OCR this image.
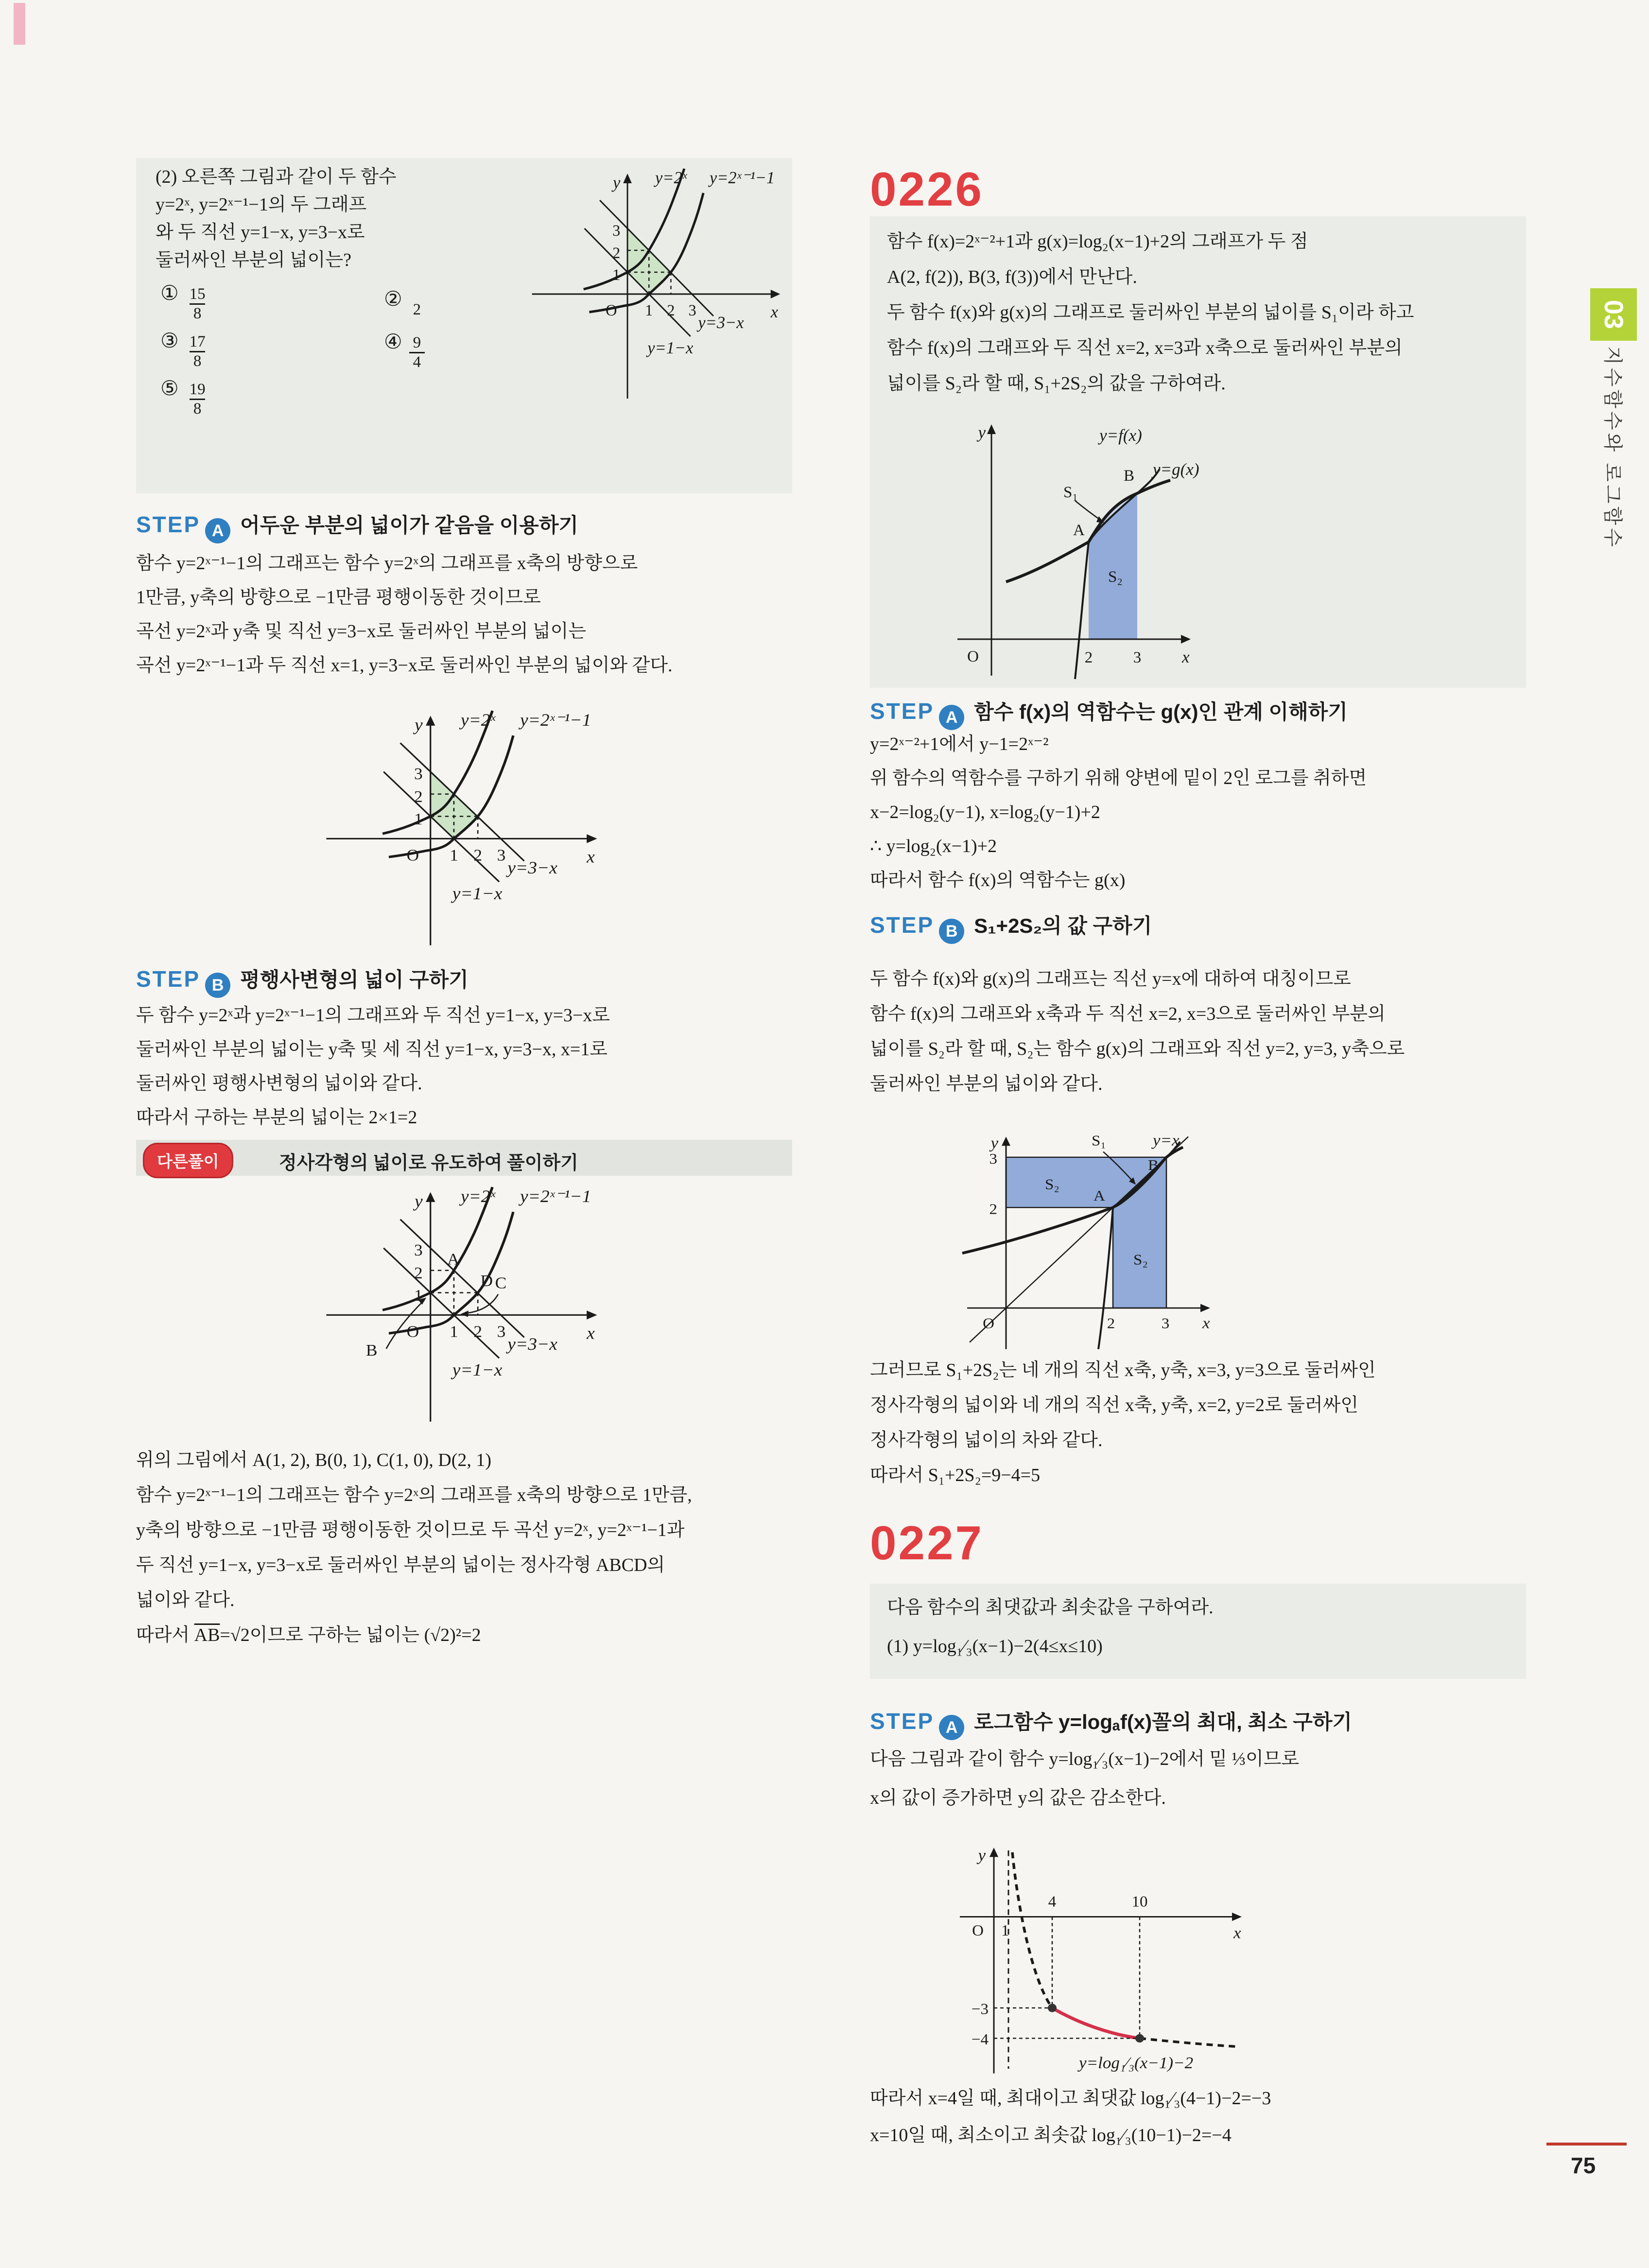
(2) 오른쪽 그림과 같이 두 함수
y=2ˣ, y=2ˣ⁻¹−1의 두 그래프
와 두 직선 y=1−x, y=3−x로
둘러싸인 부분의 넓이는?
① $\frac{15}{8}$	② 2
③ $\frac{17}{8}$	④ $\frac{9}{4}$
⑤ $\frac{19}{8}$
y
x
O
3
2
1
1 2 3
y=2ˣ y=2ˣ⁻¹−1
y=3−x
y=1−x
STEP A 어두운 부분의 넓이가 같음을 이용하기
함수 y=2ˣ⁻¹−1의 그래프는 함수 y=2ˣ의 그래프를 x축의 방향으로
1만큼, y축의 방향으로 −1만큼 평행이동한 것이므로
곡선 y=2ˣ과 y축 및 직선 y=3−x로 둘러싸인 부분의 넓이는
곡선 y=2ˣ⁻¹−1과 두 직선 x=1, y=3−x로 둘러싸인 부분의 넓이와 같다.
y
x
O
3
2
1
1 2 3
y=2ˣ y=2ˣ⁻¹−1
y=3−x
y=1−x
STEP B 평행사변형의 넓이 구하기
두 함수 y=2ˣ과 y=2ˣ⁻¹−1의 그래프와 두 직선 y=1−x, y=3−x로
둘러싸인 부분의 넓이는 y축 및 세 직선 y=1−x, y=3−x, x=1로
둘러싸인 평행사변형의 넓이와 같다.
따라서 구하는 부분의 넓이는 2×1=2
다른풀이	정사각형의 넓이로 유도하여 풀이하기
y
x
O
3
2
1
1 2 3
y=2ˣ y=2ˣ⁻¹−1
y=3−x
y=1−x
A
B
C
D
위의 그림에서 A(1, 2), B(0, 1), C(1, 0), D(2, 1)
함수 y=2ˣ⁻¹−1의 그래프는 함수 y=2ˣ의 그래프를 x축의 방향으로 1만큼,
y축의 방향으로 −1만큼 평행이동한 것이므로 두 곡선 y=2ˣ, y=2ˣ⁻¹−1과
두 직선 y=1−x, y=3−x로 둘러싸인 부분의 넓이는 정사각형 ABCD의
넓이와 같다.
따라서 $\overline{AB}=√2$이므로 구하는 넓이는 (√2)²=2
0226
함수 f(x)=2ˣ⁻²+1과 g(x)=log₂(x−1)+2의 그래프가 두 점
A(2, f(2)), B(3, f(3))에서 만난다.
두 함수 f(x)와 g(x)의 그래프로 둘러싸인 부분의 넓이를 S₁이라 하고
함수 f(x)의 그래프와 두 직선 x=2, x=3과 x축으로 둘러싸인 부분의
넓이를 S₂라 할 때, S₁+2S₂의 값을 구하여라.
y
x
O	2	3
y=f(x)
y=g(x)
S₁
S₂
A
B
STEP A 함수 f(x)의 역함수는 g(x)인 관계 이해하기
y=2ˣ⁻²+1에서 y−1=2ˣ⁻²
위 함수의 역함수를 구하기 위해 양변에 밑이 2인 로그를 취하면
x−2=log₂(y−1), x=log₂(y−1)+2
∴ y=log₂(x−1)+2
따라서 함수 f(x)의 역함수는 g(x)
STEP B S₁+2S₂의 값 구하기
두 함수 f(x)와 g(x)의 그래프는 직선 y=x에 대하여 대칭이므로
함수 f(x)의 그래프와 x축과 두 직선 x=2, x=3으로 둘러싸인 부분의
넓이를 S₂라 할 때, S₂는 함수 g(x)의 그래프와 직선 y=2, y=3, y축으로
둘러싸인 부분의 넓이와 같다.
y
x
O
3
2
2	3
S₁	y=x
S₂
S₂
A
B
그러므로 S₁+2S₂는 네 개의 직선 x축, y축, x=3, y=3으로 둘러싸인
정사각형의 넓이와 네 개의 직선 x축, y축, x=2, y=2로 둘러싸인
정사각형의 넓이의 차와 같다.
따라서 S₁+2S₂=9−4=5
0227
다음 함수의 최댓값과 최솟값을 구하여라.
(1) y=log₁⁄₃(x−1)−2(4≤x≤10)
STEP A 로그함수 y=logₐf(x)꼴의 최대, 최소 구하기
다음 그림과 같이 함수 y=log₁⁄₃(x−1)−2에서 밑 ⅓이므로
x의 값이 증가하면 y의 값은 감소한다.
y
x
O 1
4	10
−3
−4
y=log₁⁄₃(x−1)−2
따라서 x=4일 때, 최대이고 최댓값 log₁⁄₃(4−1)−2=−3
x=10일 때, 최소이고 최솟값 log₁⁄₃(10−1)−2=−4
03
지수함수와 로그함수
75
